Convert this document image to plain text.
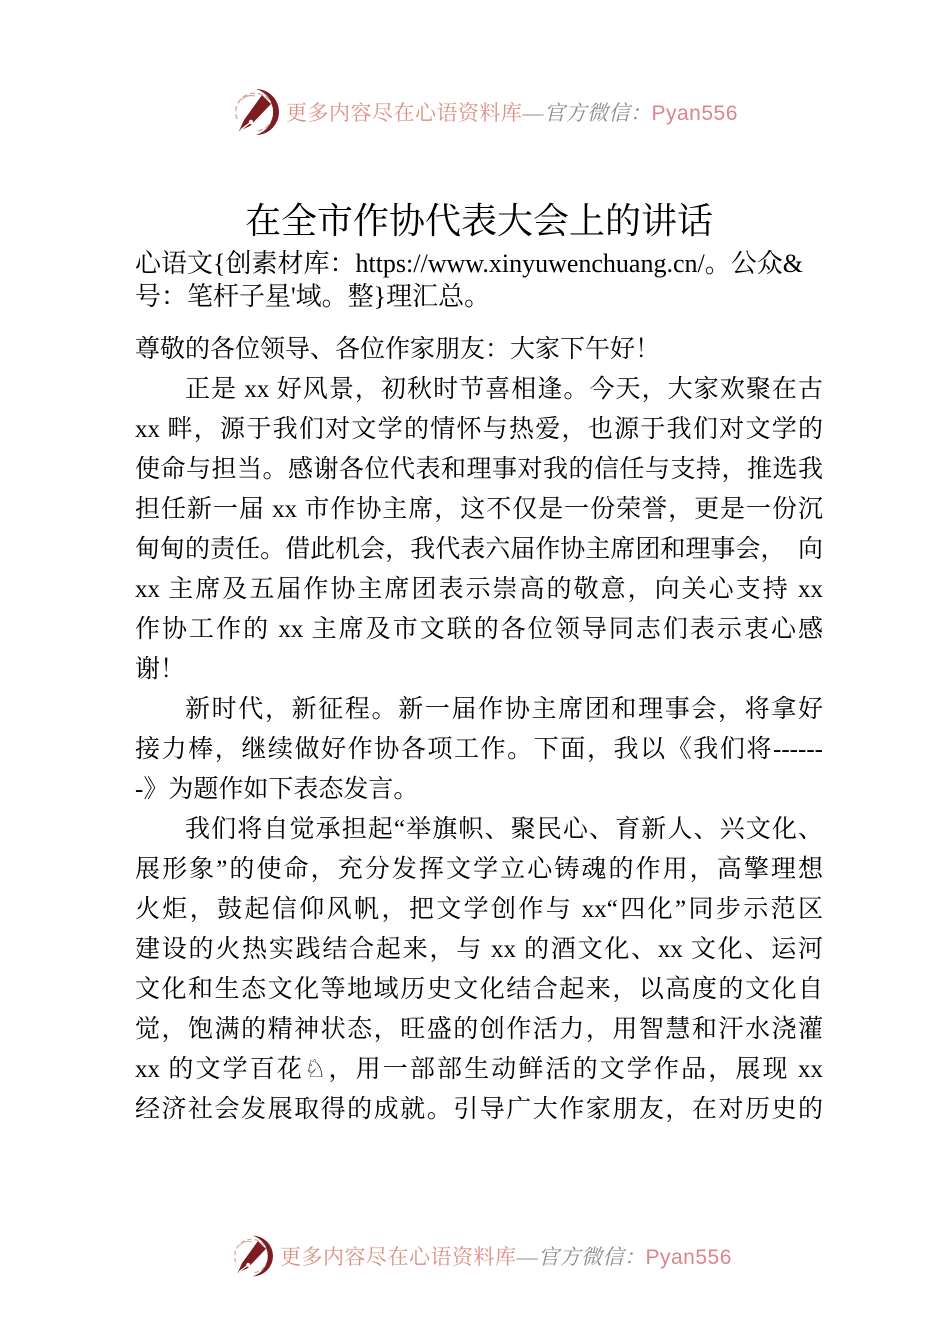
更多内容尽在心语资料库—官方微信：Pyan556
在全市作协代表大会上的讲话
心语文{创素材库：https://www.xinyuwenchuang.cn/。公众&
号：笔杆子星'域。整}理汇总。
尊敬的各位领导、各位作家朋友：大家下午好！
正是 xx 好风景，初秋时节喜相逢。今天，大家欢聚在古
xx 畔，源于我们对文学的情怀与热爱，也源于我们对文学的
使命与担当。感谢各位代表和理事对我的信任与支持，推选我
担任新一届 xx 市作协主席，这不仅是一份荣誉，更是一份沉
甸甸的责任。借此机会，我代表六届作协主席团和理事会，　向
xx 主席及五届作协主席团表示崇高的敬意，向关心支持 xx
作协工作的 xx 主席及市文联的各位领导同志们表示衷心感
谢！
新时代，新征程。新一届作协主席团和理事会，将拿好
接力棒，继续做好作协各项工作。下面，我以《我们将------
-》为题作如下表态发言。
我们将自觉承担起“举旗帜、聚民心、育新人、兴文化、
展形象”的使命，充分发挥文学立心铸魂的作用，高擎理想
火炬，鼓起信仰风帆，把文学创作与 xx“四化”同步示范区
建设的火热实践结合起来，与 xx 的酒文化、xx 文化、运河
文化和生态文化等地域历史文化结合起来，以高度的文化自
觉，饱满的精神状态，旺盛的创作活力，用智慧和汗水浇灌
xx 的文学百花♘，用一部部生动鲜活的文学作品，展现 xx
经济社会发展取得的成就。引导广大作家朋友，在对历史的
更多内容尽在心语资料库—官方微信：Pyan556
